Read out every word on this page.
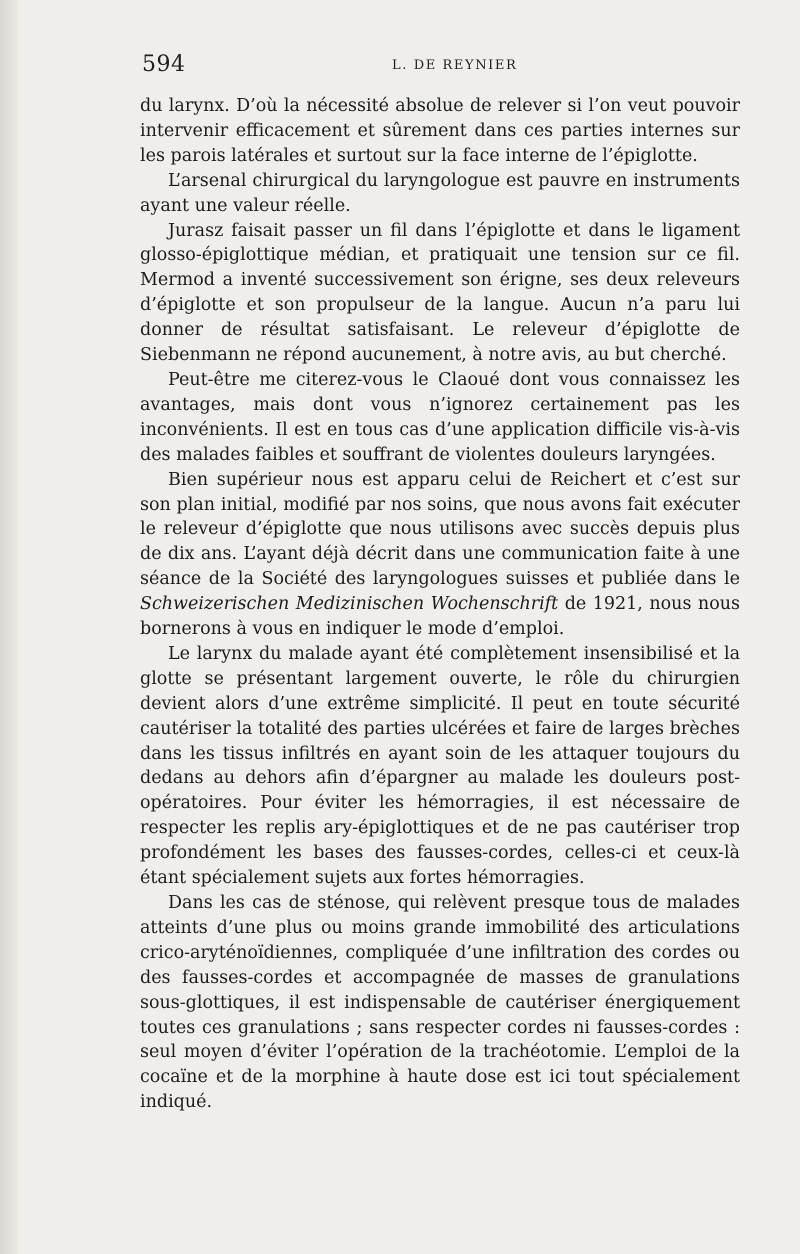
594	L. DE REYNIER

du larynx. D’où la nécessité absolue de relever si l’on veut pouvoir intervenir efficacement et sûrement dans ces parties internes sur les parois latérales et surtout sur la face interne de l’épiglotte.

L’arsenal chirurgical du laryngologue est pauvre en instruments ayant une valeur réelle.

Jurasz faisait passer un fil dans l’épiglotte et dans le ligament glosso-épiglottique médian, et pratiquait une tension sur ce fil. Mermod a inventé successivement son érigne, ses deux releveurs d’épiglotte et son propulseur de la langue. Aucun n’a paru lui donner de résultat satisfaisant. Le releveur d’épiglotte de Siebenmann ne répond aucunement, à notre avis, au but cherché.

Peut-être me citerez-vous le Claoué dont vous connaissez les avantages, mais dont vous n’ignorez certainement pas les inconvénients. Il est en tous cas d’une application difficile vis-à-vis des malades faibles et souffrant de violentes douleurs laryngées.

Bien supérieur nous est apparu celui de Reichert et c’est sur son plan initial, modifié par nos soins, que nous avons fait exécuter le releveur d’épiglotte que nous utilisons avec succès depuis plus de dix ans. L’ayant déjà décrit dans une communication faite à une séance de la Société des laryngologues suisses et publiée dans le Schweizerischen Medizinischen Wochenschrift de 1921, nous nous bornerons à vous en indiquer le mode d’emploi.

Le larynx du malade ayant été complètement insensibilisé et la glotte se présentant largement ouverte, le rôle du chirurgien devient alors d’une extrême simplicité. Il peut en toute sécurité cautériser la totalité des parties ulcérées et faire de larges brèches dans les tissus infiltrés en ayant soin de les attaquer toujours du dedans au dehors afin d’épargner au malade les douleurs post-opératoires. Pour éviter les hémorragies, il est nécessaire de respecter les replis ary-épiglottiques et de ne pas cautériser trop profondément les bases des fausses-cordes, celles-ci et ceux-là étant spécialement sujets aux fortes hémorragies.

Dans les cas de sténose, qui relèvent presque tous de malades atteints d’une plus ou moins grande immobilité des articulations crico-aryténoïdiennes, compliquée d’une infiltration des cordes ou des fausses-cordes et accompagnée de masses de granulations sous-glottiques, il est indispensable de cautériser énergiquement toutes ces granulations ; sans respecter cordes ni fausses-cordes : seul moyen d’éviter l’opération de la trachéotomie. L’emploi de la cocaïne et de la morphine à haute dose est ici tout spécialement indiqué.
